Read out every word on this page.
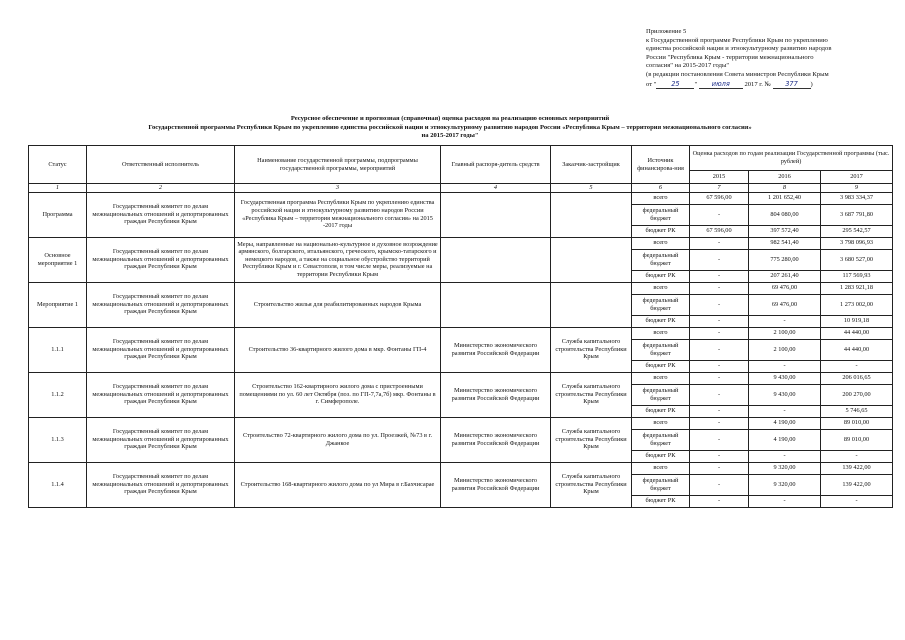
Приложение 5
к Государственной программе Республики Крым по укреплению
единства российской нации и этнокультурному развитию народов
России "Республика Крым - территория межнационального
согласия" на 2015-2017 годы"
(в редакции постановления Совета министров Республики Крым
от " 25 " июля 2017 г. № 377 )
Ресурсное обеспечение и прогнозная (справочная) оценка расходов на реализацию основных мероприятий
Государственной программы Республики Крым по укреплению единства российской нации и этнокультурному развитию народов России «Республика Крым – территория межнационального согласия»
на 2015-2017 годы"
Статус	Ответственный исполнитель	Наименование государственной программы, подпрограммы государственной программы, мероприятий	Главный распоря-дитель средств	Заказчик-застройщик	Источник финансирова-ния	Оценка расходов по годам реализации Государственной программы (тыс. рублей)		
						2015	2016	2017
1	2	3	4	5	6	7	8	9
Программа	Государственный комитет по делам межнациональных отношений и депортированных граждан Республики Крым	Государственная программа Республики Крым по укреплению единства российской нации и этнокультурному развитию народов России «Республика Крым – территория межнационального согласия» на 2015 -2017 годы			всего	67 596,00	1 201 652,40	3 983 334,37
					федеральный бюджет	-	804 080,00	3 687 791,80
					бюджет РК	67 596,00	397 572,40	295 542,57
Основное мероприятие 1	Государственный комитет по делам межнациональных отношений и депортированных граждан Республики Крым	Меры, направленные на национально-культурное и духовное возрождение армянского, болгарского, итальянского, греческого, крымско-татарского и немецкого народов, а также на социальное обустройство территорий Республики Крым и г. Севастополя, в том числе меры, реализуемые на территории Республики Крым			всего	-	982 541,40	3 798 096,93
					федеральный бюджет	-	775 280,00	3 680 527,00
					бюджет РК	-	207 261,40	117 569,93
Мероприятие 1	Государственный комитет по делам межнациональных отношений и депортированных граждан Республики Крым	Строительство жилья для реабилитированных народов Крыма			всего	-	69 476,00	1 283 921,18
					федеральный бюджет	-	69 476,00	1 273 002,00
					бюджет РК	-	-	10 919,18
1.1.1	Государственный комитет по делам межнациональных отношений и депортированных граждан Республики Крым	Строительство 36-квартирного жилого дома в мкр. Фонтаны ГП-4	Министерство экономического развития Российской Федерации	Служба капитального строительства Республики Крым	всего	-	2 100,00	44 440,00
					федеральный бюджет	-	2 100,00	44 440,00
					бюджет РК	-	-	-
1.1.2	Государственный комитет по делам межнациональных отношений и депортированных граждан Республики Крым	Строительство 162-квартирного жилого дома с пристроенными помещениями по ул. 60 лет Октября (поз. по ГП-7,7а,7б) мкр. Фонтаны в г. Симферополе.	Министерство экономического развития Российской Федерации	Служба капитального строительства Республики Крым	всего	-	9 430,00	206 016,65
					федеральный бюджет	-	9 430,00	200 270,00
					бюджет РК	-	-	5 746,65
1.1.3	Государственный комитет по делам межнациональных отношений и депортированных граждан Республики Крым	Строительство 72-квартирного жилого дома по ул. Проезжей, №73 в г. Джанкое	Министерство экономического развития Российской Федерации	Служба капитального строительства Республики Крым	всего	-	4 190,00	89 010,00
					федеральный бюджет	-	4 190,00	89 010,00
					бюджет РК	-	-	-
1.1.4	Государственный комитет по делам межнациональных отношений и депортированных граждан Республики Крым	Строительство 168-квартирного жилого дома по ул Мира в г.Бахчисарае	Министерство экономического развития Российской Федерации	Служба капитального строительства Республики Крым	всего	-	9 320,00	139 422,00
					федеральный бюджет	-	9 320,00	139 422,00
					бюджет РК	-	-	-
